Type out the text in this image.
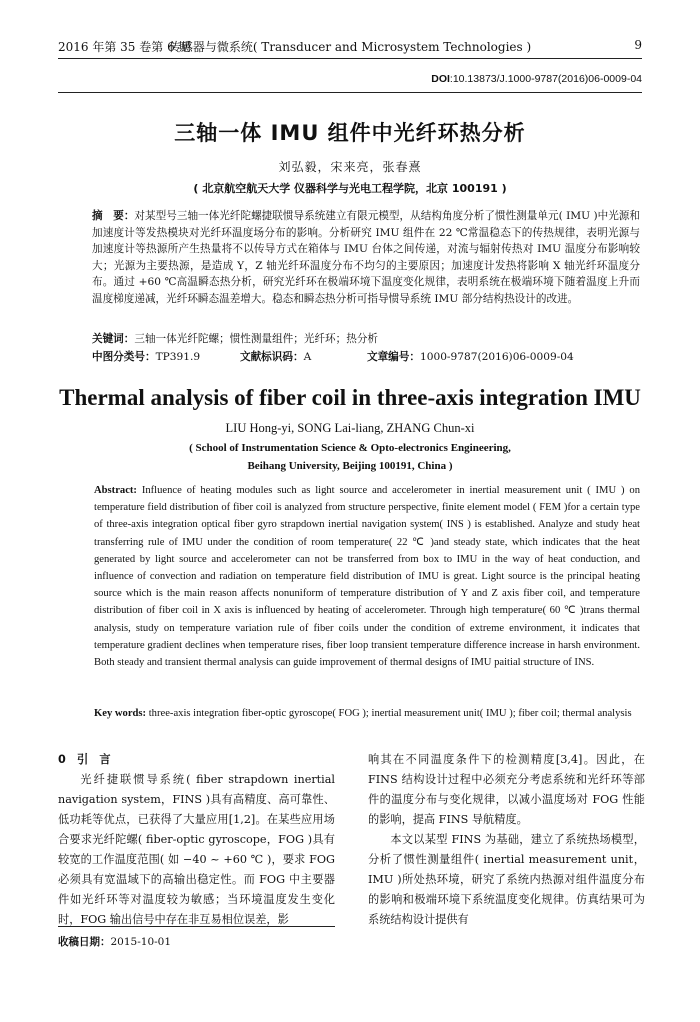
2016 年第 35 卷第 6 期
传感器与微系统( Transducer and Microsystem Technologies )	9
DOI:10.13873/J.1000-9787(2016)06-0009-04
三轴一体 IMU 组件中光纤环热分析
刘弘毅，宋来亮，张春熹
( 北京航空航天大学 仪器科学与光电工程学院，北京 100191 )
摘　要：对某型号三轴一体光纤陀螺捷联惯导系统建立有限元模型，从结构角度分析了惯性测量单元( IMU )中光源和加速度计等发热模块对光纤环温度场分布的影响。分析研究 IMU 组件在 22 ℃常温稳态下的传热规律，表明光源与加速度计等热源所产生热量将不以传导方式在箱体与 IMU 台体之间传递，对流与辐射传热对 IMU 温度分布影响较大；光源为主要热源，是造成 Y，Z 轴光纤环温度分布不均匀的主要原因；加速度计发热将影响 X 轴光纤环温度分布。通过 +60 ℃高温瞬态热分析，研究光纤环在极端环境下温度变化规律，表明系统在极端环境下随着温度上升而温度梯度递减，光纤环瞬态温差增大。稳态和瞬态热分析可指导惯导系统 IMU 部分结构热设计的改进。
关键词：三轴一体光纤陀螺；惯性测量组件；光纤环；热分析
中图分类号：TP391.9	文献标识码：A	文章编号：1000-9787(2016)06-0009-04
Thermal analysis of fiber coil in three-axis integration IMU
LIU Hong-yi, SONG Lai-liang, ZHANG Chun-xi
( School of Instrumentation Science & Opto-electronics Engineering,
Beihang University, Beijing 100191, China )
Abstract: Influence of heating modules such as light source and accelerometer in inertial measurement unit ( IMU ) on temperature field distribution of fiber coil is analyzed from structure perspective, finite element model ( FEM )for a certain type of three-axis integration optical fiber gyro strapdown inertial navigation system( INS ) is established. Analyze and study heat transferring rule of IMU under the condition of room temperature( 22 ℃ )and steady state, which indicates that the heat generated by light source and accelerometer can not be transferred from box to IMU in the way of heat conduction, and influence of convection and radiation on temperature field distribution of IMU is great. Light source is the principal heating source which is the main reason affects nonuniform of temperature distribution of Y and Z axis fiber coil, and temperature distribution of fiber coil in X axis is influenced by heating of accelerometer. Through high temperature( 60 ℃ )trans thermal analysis, study on temperature variation rule of fiber coils under the condition of extreme environment, it indicates that temperature gradient declines when temperature rises, fiber loop transient temperature difference increase in harsh environment. Both steady and transient thermal analysis can guide improvement of thermal designs of IMU paitial structure of INS.
Key words: three-axis integration fiber-optic gyroscope( FOG ); inertial measurement unit( IMU ); fiber coil; thermal analysis

0　引　言

光纤捷联惯导系统( fiber strapdown inertial navigation system，FINS )具有高精度、高可靠性、低功耗等优点，已获得了大量应用[1,2]。在某些应用场合要求光纤陀螺( fiber-optic gyroscope，FOG )具有较宽的工作温度范围( 如 −40 ~ +60 ℃ )，要求 FOG 必须具有宽温域下的高输出稳定性。而 FOG 中主要器件如光纤环等对温度较为敏感；当环境温度发生变化时，FOG 输出信号中存在非互易相位误差，影

响其在不同温度条件下的检测精度[3,4]。因此，在 FINS 结构设计过程中必须充分考虑系统和光纤环等部件的温度分布与变化规律，以减小温度场对 FOG 性能的影响，提高 FINS 导航精度。

本文以某型 FINS 为基础，建立了系统热场模型，分析了惯性测量组件( inertial measurement unit，IMU )所处热环境，研究了系统内热源对组件温度分布的影响和极端环境下系统温度变化规律。仿真结果可为系统结构设计提供有

收稿日期：2015-10-01
